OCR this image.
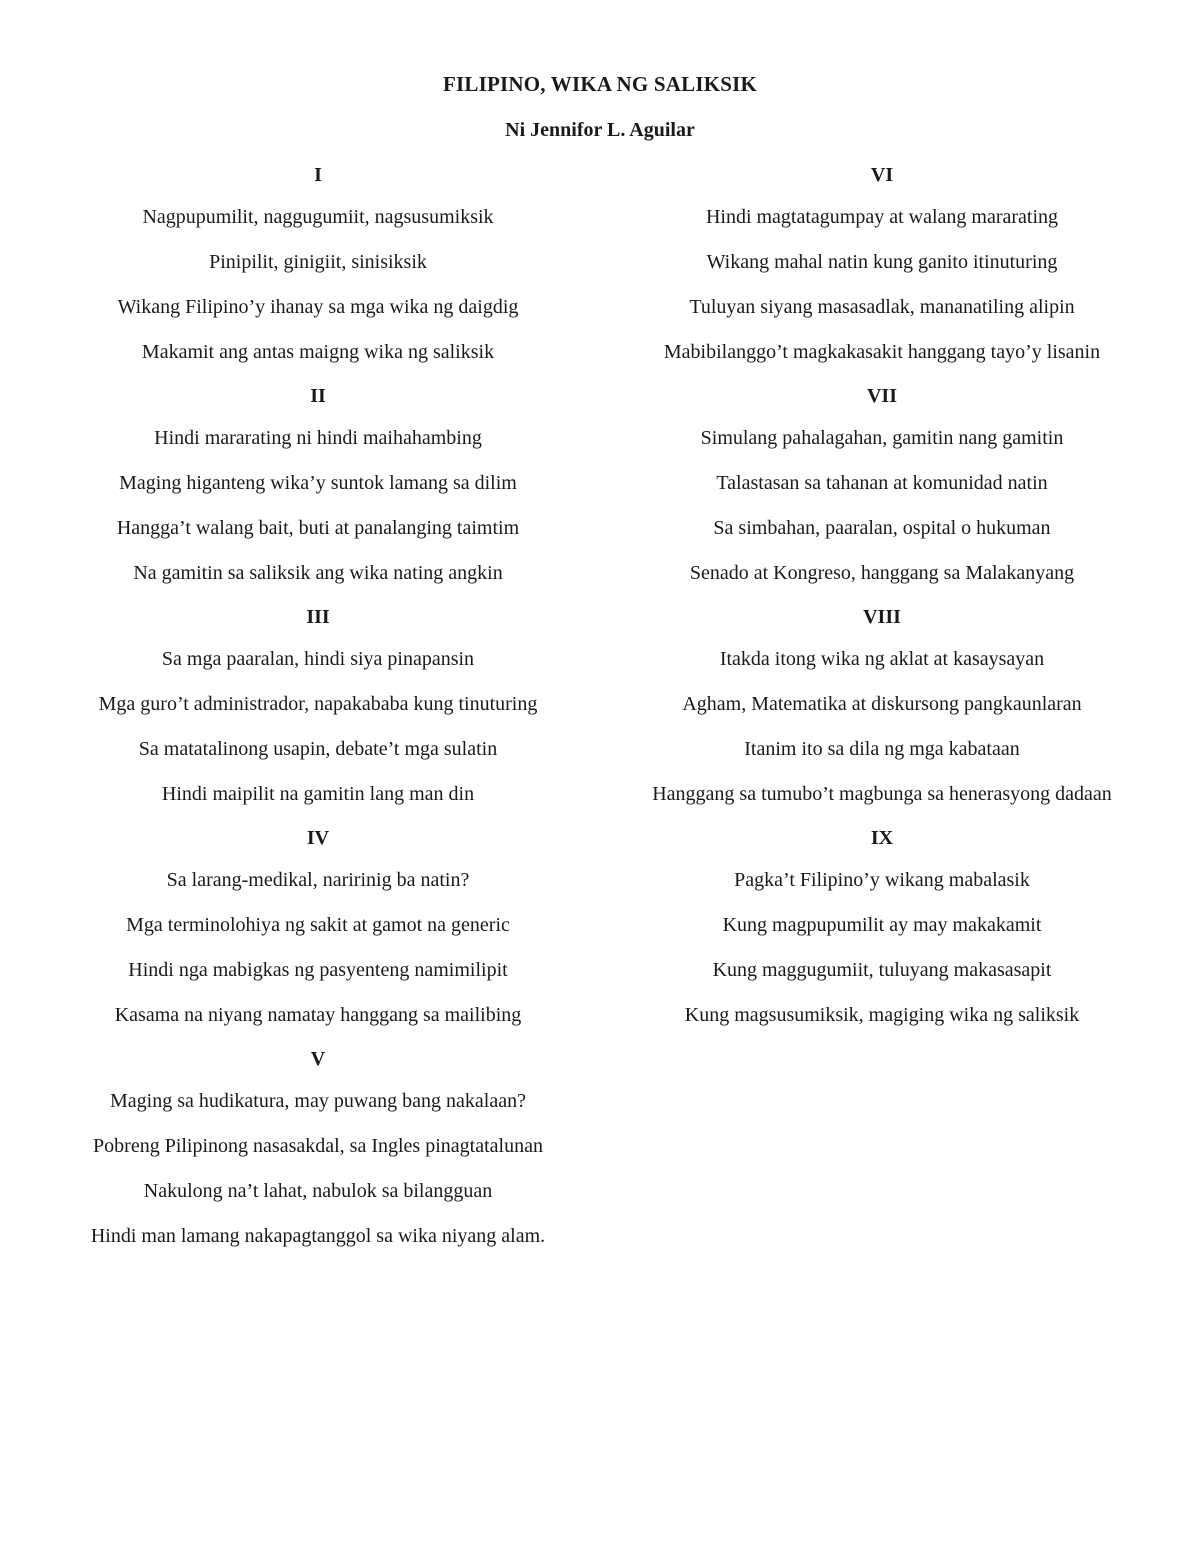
FILIPINO, WIKA NG SALIKSIK
Ni Jennifor L. Aguilar
I
Nagpupumilit, naggugumiit, nagsusumiksik
Pinipilit, ginigiit, sinisiksik
Wikang Filipino’y ihanay sa mga wika ng daigdig
Makamit ang antas maigng wika ng saliksik
II
Hindi mararating ni hindi maihahambing
Maging higanteng wika’y suntok lamang sa dilim
Hangga’t walang bait, buti at panalanging taimtim
Na gamitin sa saliksik ang wika nating angkin
III
Sa mga paaralan, hindi siya pinapansin
Mga guro’t administrador, napakababa kung tinuturing
Sa matatalinong usapin, debate’t mga sulatin
Hindi maipilit na gamitin lang man din
IV
Sa larang-medikal, naririnig ba natin?
Mga terminolohiya ng sakit at gamot na generic
Hindi nga mabigkas ng pasyenteng namimilipit
Kasama na niyang namatay hanggang sa mailibing
V
Maging sa hudikatura, may puwang bang nakalaan?
Pobreng Pilipinong nasasakdal, sa Ingles pinagtatalunan
Nakulong na’t lahat, nabulok sa bilangguan
Hindi man lamang nakapagtanggol sa wika niyang alam.
VI
Hindi magtatagumpay at walang mararating
Wikang mahal natin kung ganito itinuturing
Tuluyan siyang masasadlak, mananatiling alipin
Mabibilanggo’t magkakasakit hanggang tayo’y lisanin
VII
Simulang pahalagahan, gamitin nang gamitin
Talastasan sa tahanan at komunidad natin
Sa simbahan, paaralan, ospital o hukuman
Senado at Kongreso, hanggang sa Malakanyang
VIII
Itakda itong wika ng aklat at kasaysayan
Agham, Matematika at diskursong pangkaunlaran
Itanim ito sa dila ng mga kabataan
Hanggang sa tumubo’t magbunga sa henerasyong dadaan
IX
Pagka’t Filipino’y wikang mabalasik
Kung magpupumilit ay may makakamit
Kung maggugumiit, tuluyang makasasapit
Kung magsusumiksik, magiging wika ng saliksik
